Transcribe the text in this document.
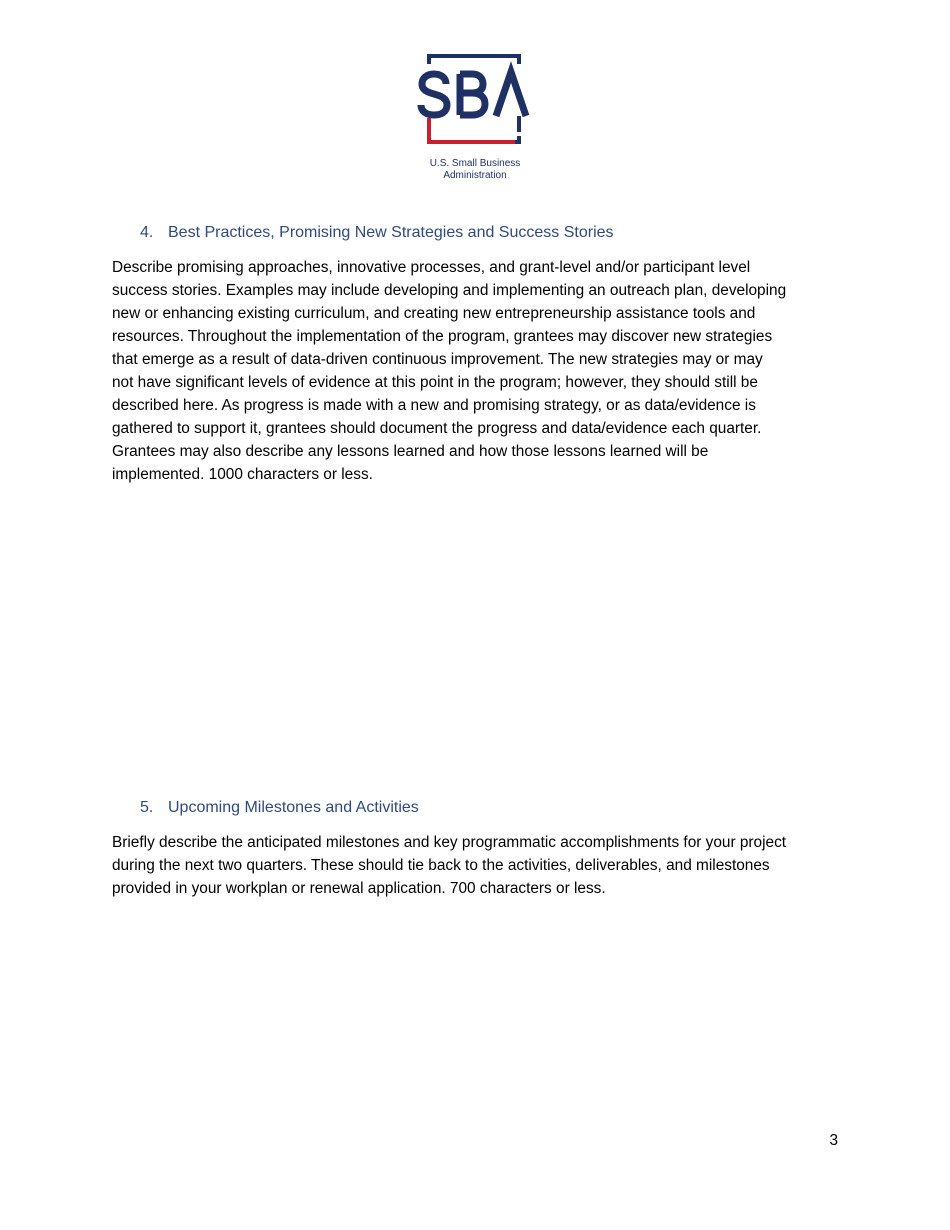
U.S. Small Business
Administration
4. Best Practices, Promising New Strategies and Success Stories
Describe promising approaches, innovative processes, and grant-level and/or participant level
success stories. Examples may include developing and implementing an outreach plan, developing
new or enhancing existing curriculum, and creating new entrepreneurship assistance tools and
resources. Throughout the implementation of the program, grantees may discover new strategies
that emerge as a result of data-driven continuous improvement. The new strategies may or may
not have significant levels of evidence at this point in the program; however, they should still be
described here. As progress is made with a new and promising strategy, or as data/evidence is
gathered to support it, grantees should document the progress and data/evidence each quarter.
Grantees may also describe any lessons learned and how those lessons learned will be
implemented. 1000 characters or less.
5. Upcoming Milestones and Activities
Briefly describe the anticipated milestones and key programmatic accomplishments for your project
during the next two quarters. These should tie back to the activities, deliverables, and milestones
provided in your workplan or renewal application. 700 characters or less.
3
